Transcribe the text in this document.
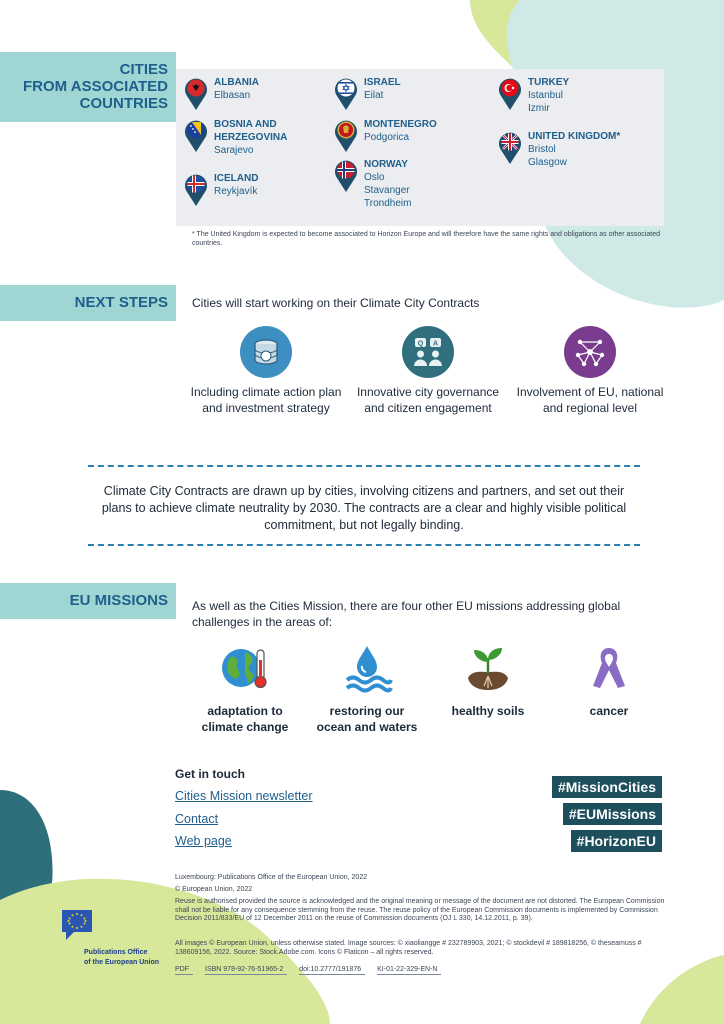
CITIES
FROM ASSOCIATED
COUNTRIES
ALBANIA
Elbasan
BOSNIA AND HERZEGOVINA
Sarajevo
ICELAND
Reykjavík
ISRAEL
Eilat
MONTENEGRO
Podgorica
NORWAY
Oslo
Stavanger
Trondheim
TURKEY
Istanbul
Izmir
UNITED KINGDOM*
Bristol
Glasgow
* The United Kingdom is expected to become associated to Horizon Europe and will therefore have the same rights and obligations as other associated countries.
NEXT STEPS	Cities will start working on their Climate City Contracts
Including climate action plan and investment strategy
Q A
Innovative city governance and citizen engagement
Involvement of EU, national and regional level
Climate City Contracts are drawn up by cities, involving citizens and partners, and set out their plans to achieve climate neutrality by 2030. The contracts are a clear and highly visible political commitment, but not legally binding.
EU MISSIONS	As well as the Cities Mission, there are four other EU missions addressing global challenges in the areas of:
adaptation to
climate change
restoring our
ocean and waters
healthy soils	cancer
Get in touch
Cities Mission newsletter
Contact
Web page
#MissionCities
#EUMissions
#HorizonEU
Luxembourg: Publications Office of the European Union, 2022
© European Union, 2022
Reuse is authorised provided the source is acknowledged and the original meaning or message of the document are not distorted. The European Commission shall not be liable for any consequence stemming from the reuse. The reuse policy of the European Commission documents is implemented by Commission Decision 2011/833/EU of 12 December 2011 on the reuse of Commission documents (OJ L 330, 14.12.2011, p. 39).
All images © European Union, unless otherwise stated. Image sources: © xiaoliangge # 232789903, 2021; © stockdevil # 189818256, © theseamuss # 138609156, 2022. Source: Stock.Adobe.com. Icons © Flaticon – all rights reserved.
PDF	ISBN 978-92-76-51965-2	doi:10.2777/191876	KI-01-22-329-EN-N
Publications Office
of the European Union
